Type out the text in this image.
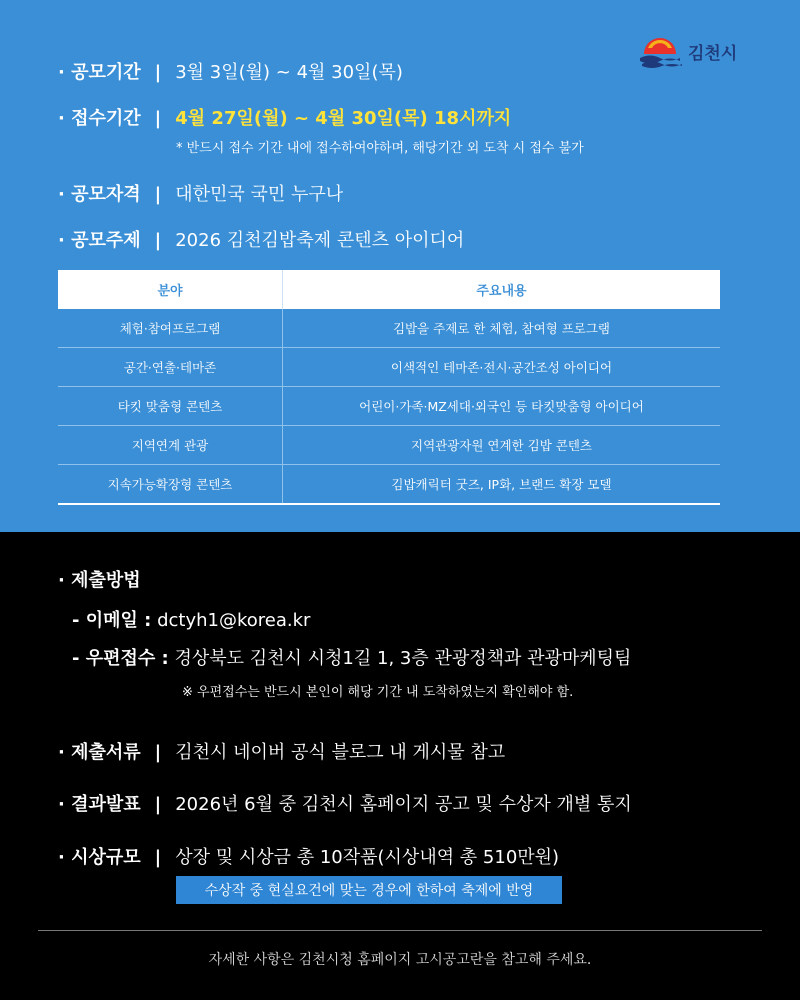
김천시
· 공모기간 | 3월 3일(월) ~ 4월 30일(목)
· 접수기간 | 4월 27일(월) ~ 4월 30일(목) 18시까지
* 반드시 접수 기간 내에 접수하여야하며, 해당기간 외 도착 시 접수 불가
· 공모자격 | 대한민국 국민 누구나
· 공모주제 | 2026 김천김밥축제 콘텐츠 아이디어
분야	주요내용
체험·참여프로그램	김밥을 주제로 한 체험, 참여형 프로그램
공간·연출·테마존	이색적인 테마존·전시·공간조성 아이디어
타킷 맞춤형 콘텐츠	어린이·가족·MZ세대·외국인 등 타킷맞춤형 아이디어
지역연계 관광	지역관광자원 연계한 김밥 콘텐츠
지속가능확장형 콘텐츠	김밥캐릭터 굿즈, IP화, 브랜드 확장 모델
· 제출방법
- 이메일 : dctyh1@korea.kr
- 우편접수 : 경상북도 김천시 시청1길 1, 3층 관광정책과 관광마케팅팀
※ 우편접수는 반드시 본인이 해당 기간 내 도착하였는지 확인해야 함.
· 제출서류 | 김천시 네이버 공식 블로그 내 게시물 참고
· 결과발표 | 2026년 6월 중 김천시 홈페이지 공고 및 수상자 개별 통지
· 시상규모 | 상장 및 시상금 총 10작품(시상내역 총 510만원)
수상작 중 현실요건에 맞는 경우에 한하여 축제에 반영
자세한 사항은 김천시청 홈페이지 고시공고란을 참고해 주세요.
